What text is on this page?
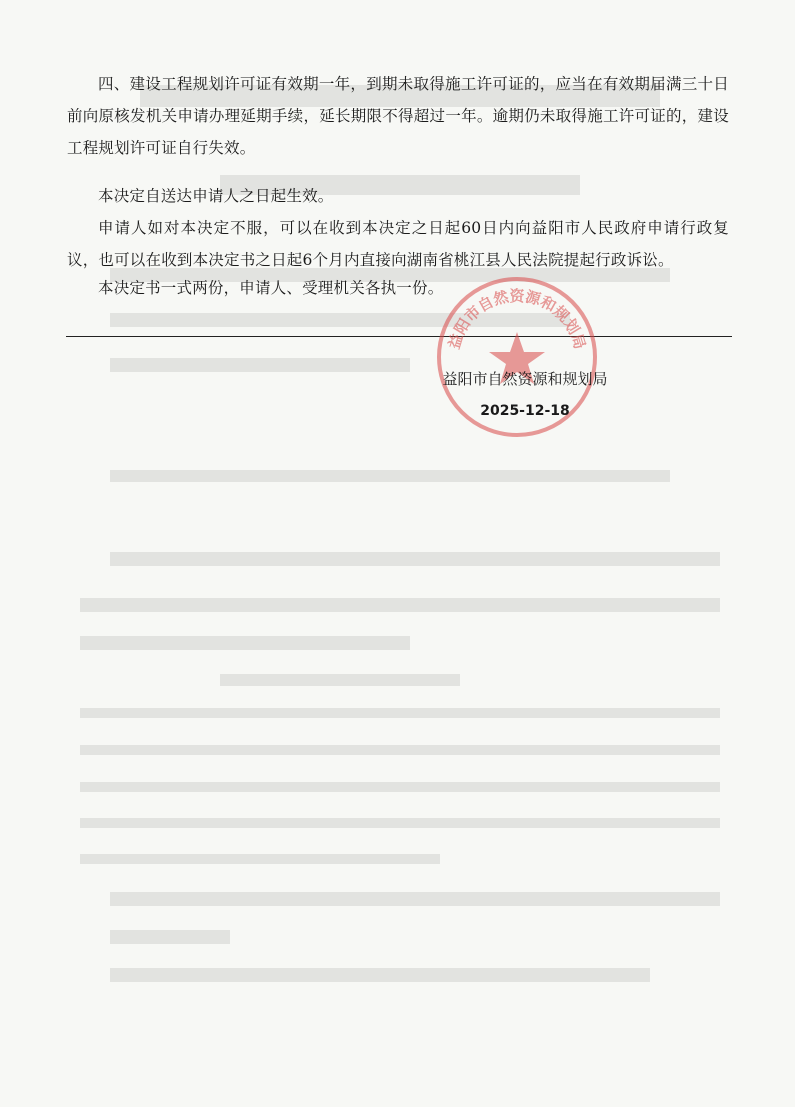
四、建设工程规划许可证有效期一年，到期未取得施工许可证的，应当在有效期届满三十日前向原核发机关申请办理延期手续，延长期限不得超过一年。逾期仍未取得施工许可证的，建设工程规划许可证自行失效。

本决定自送达申请人之日起生效。

申请人如对本决定不服，可以在收到本决定之日起60日内向益阳市人民政府申请行政复议，也可以在收到本决定书之日起6个月内直接向湖南省桃江县人民法院提起行政诉讼。

本决定书一式两份，申请人、受理机关各执一份。

益阳市自然资源和规划局
益阳市自然资源和规划局
2025-12-18
